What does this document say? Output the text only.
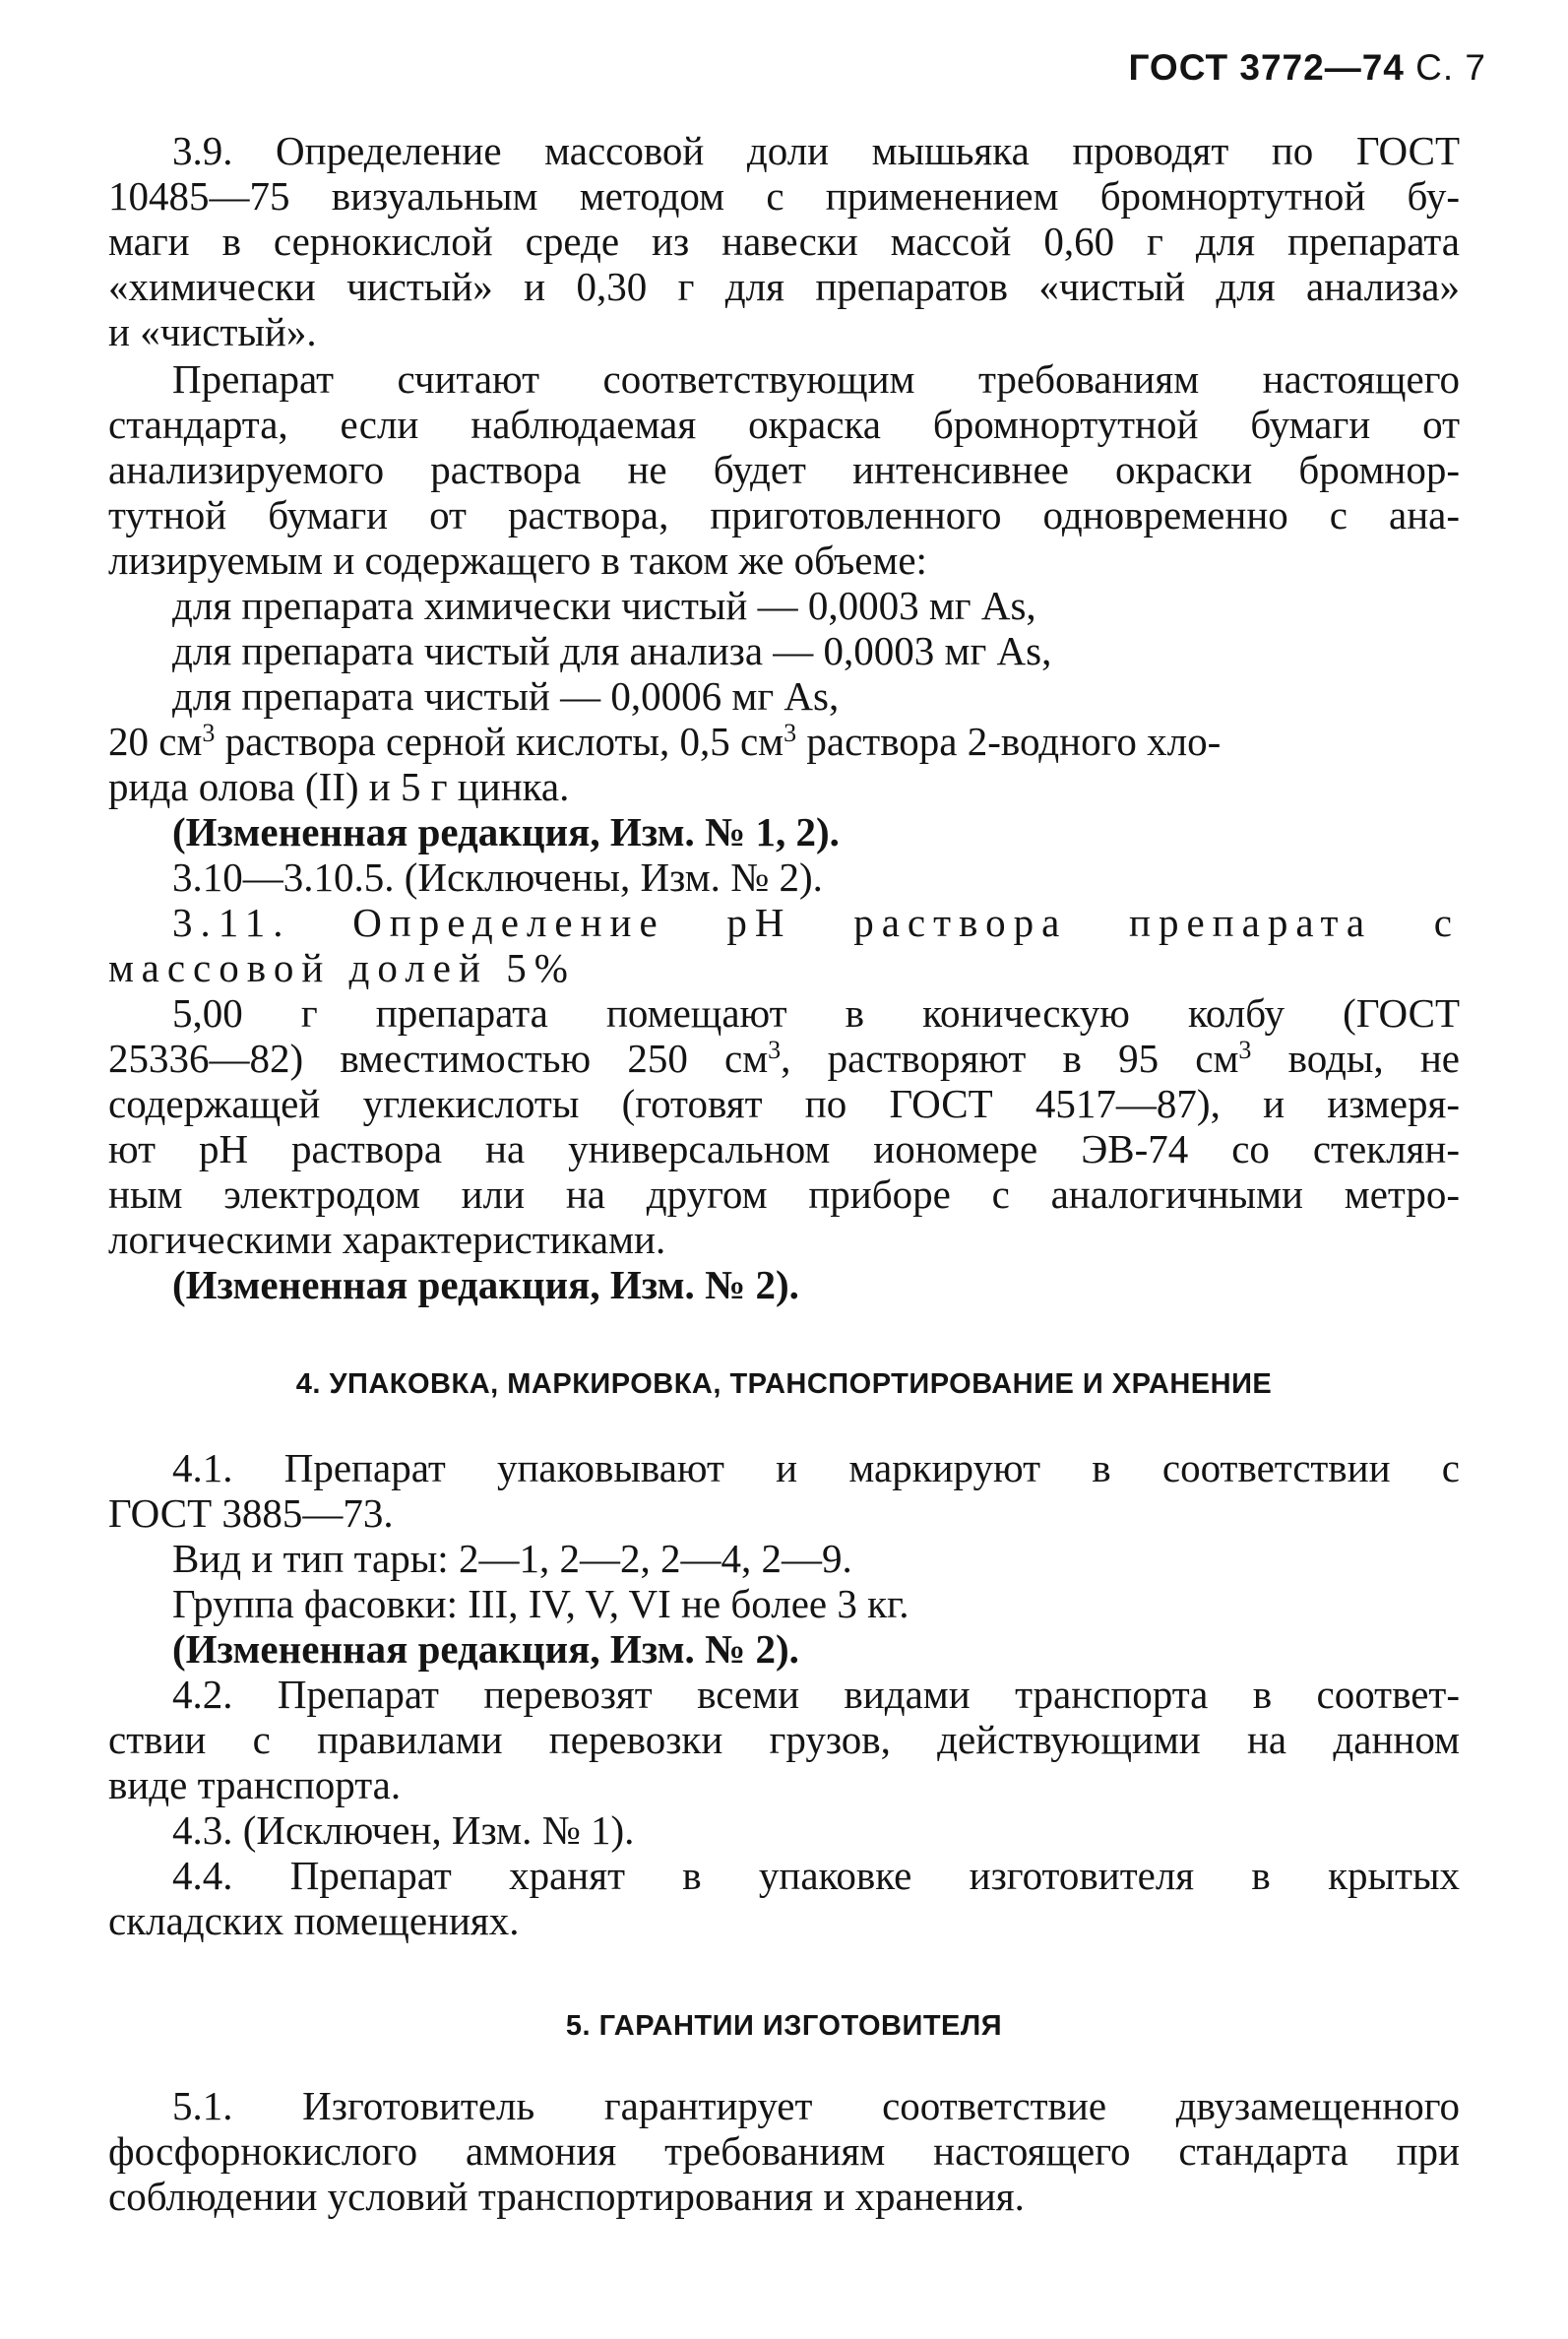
ГОСТ 3772—74 С. 7
3.9. Определение массовой доли мышьяка проводят по ГОСТ
10485—75 визуальным методом с применением бромнортутной бу-
маги в сернокислой среде из навески массой 0,60 г для препарата
«химически чистый» и 0,30 г для препаратов «чистый для анализа»
и «чистый».
Препарат считают соответствующим требованиям настоящего
стандарта, если наблюдаемая окраска бромнортутной бумаги от
анализируемого раствора не будет интенсивнее окраски бромнор-
тутной бумаги от раствора, приготовленного одновременно с ана-
лизируемым и содержащего в таком же объеме:
для препарата химически чистый — 0,0003 мг As,
для препарата чистый для анализа — 0,0003 мг As,
для препарата чистый — 0,0006 мг As,
20 $см^3$ раствора серной кислоты, 0,5 $см^3$ раствора 2-водного хло-
рида олова (II) и 5 г цинка.
(Измененная редакция, Изм. № 1, 2).
3.10—3.10.5. (Исключены, Изм. № 2).
3.11. Определение pH раствора препарата с
массовой долей 5%
5,00 г препарата помещают в коническую колбу (ГОСТ
25336—82) вместимостью 250 $см^3$, растворяют в 95 $см^3$ воды, не
содержащей углекислоты (готовят по ГОСТ 4517—87), и измеря-
ют pH раствора на универсальном иономере ЭВ-74 со стеклян-
ным электродом или на другом приборе с аналогичными метро-
логическими характеристиками.
(Измененная редакция, Изм. № 2).
4. УПАКОВКА, МАРКИРОВКА, ТРАНСПОРТИРОВАНИЕ И ХРАНЕНИЕ
4.1. Препарат упаковывают и маркируют в соответствии с
ГОСТ 3885—73.
Вид и тип тары: 2—1, 2—2, 2—4, 2—9.
Группа фасовки: III, IV, V, VI не более 3 кг.
(Измененная редакция, Изм. № 2).
4.2. Препарат перевозят всеми видами транспорта в соответ-
ствии с правилами перевозки грузов, действующими на данном
виде транспорта.
4.3. (Исключен, Изм. № 1).
4.4. Препарат хранят в упаковке изготовителя в крытых
складских помещениях.
5. ГАРАНТИИ ИЗГОТОВИТЕЛЯ
5.1. Изготовитель гарантирует соответствие двузамещенного
фосфорнокислого аммония требованиям настоящего стандарта при
соблюдении условий транспортирования и хранения.
